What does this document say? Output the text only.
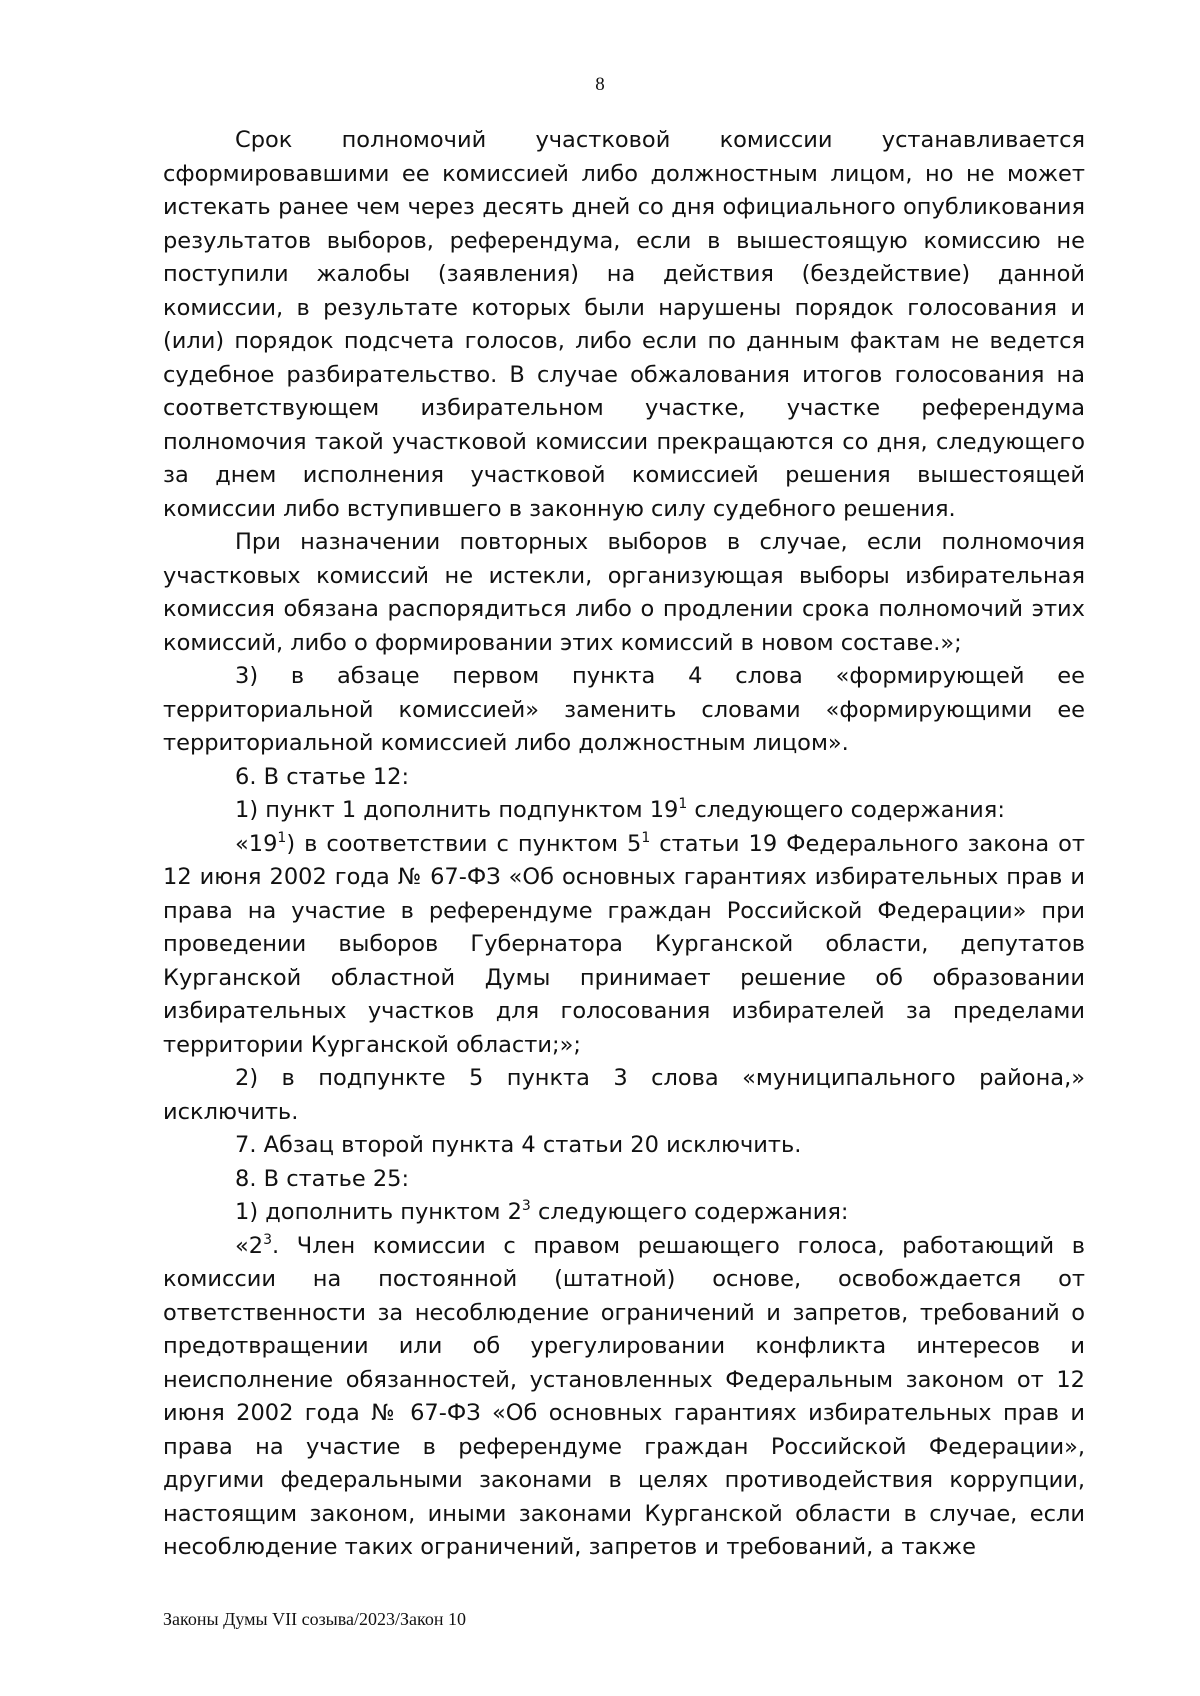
8

Срок полномочий участковой комиссии устанавливается сформировавшими ее комиссией либо должностным лицом, но не может истекать ранее чем через десять дней со дня официального опубликования результатов выборов, референдума, если в вышестоящую комиссию не поступили жалобы (заявления) на действия (бездействие) данной комиссии, в результате которых были нарушены порядок голосования и (или) порядок подсчета голосов, либо если по данным фактам не ведется судебное разбирательство. В случае обжалования итогов голосования на соответствующем избирательном участке, участке референдума полномочия такой участковой комиссии прекращаются со дня, следующего за днем исполнения участковой комиссией решения вышестоящей комиссии либо вступившего в законную силу судебного решения.

При назначении повторных выборов в случае, если полномочия участковых комиссий не истекли, организующая выборы избирательная комиссия обязана распорядиться либо о продлении срока полномочий этих комиссий, либо о формировании этих комиссий в новом составе.»;

3) в абзаце первом пункта 4 слова «формирующей ее территориальной комиссией» заменить словами «формирующими ее территориальной комиссией либо должностным лицом».

6. В статье 12:

1) пункт 1 дополнить подпунктом $19^1$ следующего содержания:

«$19^1$) в соответствии с пунктом $5^1$ статьи 19 Федерального закона от 12 июня 2002 года № 67-ФЗ «Об основных гарантиях избирательных прав и права на участие в референдуме граждан Российской Федерации» при проведении выборов Губернатора Курганской области, депутатов Курганской областной Думы принимает решение об образовании избирательных участков для голосования избирателей за пределами территории Курганской области;»;

2) в подпункте 5 пункта 3 слова «муниципального района,» исключить.

7. Абзац второй пункта 4 статьи 20 исключить.

8. В статье 25:

1) дополнить пунктом $2^3$ следующего содержания:

«$2^3$. Член комиссии с правом решающего голоса, работающий в комиссии на постоянной (штатной) основе, освобождается от ответственности за несоблюдение ограничений и запретов, требований о предотвращении или об урегулировании конфликта интересов и неисполнение обязанностей, установленных Федеральным законом от 12 июня 2002 года № 67-ФЗ «Об основных гарантиях избирательных прав и права на участие в референдуме граждан Российской Федерации», другими федеральными законами в целях противодействия коррупции, настоящим законом, иными законами Курганской области в случае, если несоблюдение таких ограничений, запретов и требований, а также

Законы Думы VII созыва/2023/Закон 10
